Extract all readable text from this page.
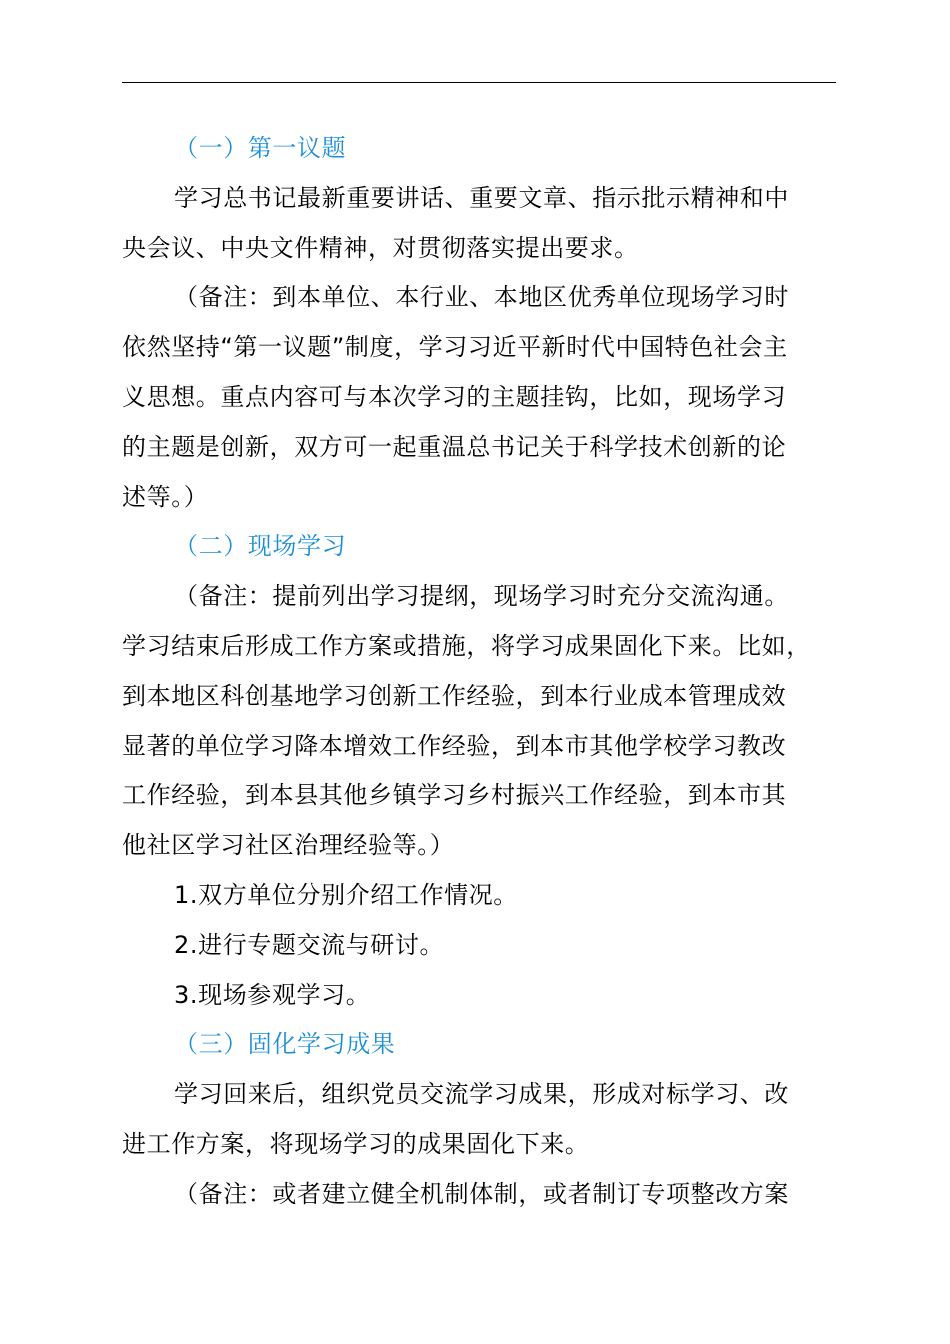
（一）第一议题

学习总书记最新重要讲话、重要文章、指示批示精神和中

央会议、中央文件精神，对贯彻落实提出要求。

（备注：到本单位、本行业、本地区优秀单位现场学习时

依然坚持“第一议题”制度，学习习近平新时代中国特色社会主

义思想。重点内容可与本次学习的主题挂钩，比如，现场学习

的主题是创新，双方可一起重温总书记关于科学技术创新的论

述等。）

（二）现场学习

（备注：提前列出学习提纲，现场学习时充分交流沟通。

学习结束后形成工作方案或措施，将学习成果固化下来。比如，

到本地区科创基地学习创新工作经验，到本行业成本管理成效

显著的单位学习降本增效工作经验，到本市其他学校学习教改

工作经验，到本县其他乡镇学习乡村振兴工作经验，到本市其

他社区学习社区治理经验等。）

1.双方单位分别介绍工作情况。

2.进行专题交流与研讨。

3.现场参观学习。

（三）固化学习成果

学习回来后，组织党员交流学习成果，形成对标学习、改

进工作方案，将现场学习的成果固化下来。

（备注：或者建立健全机制体制，或者制订专项整改方案
